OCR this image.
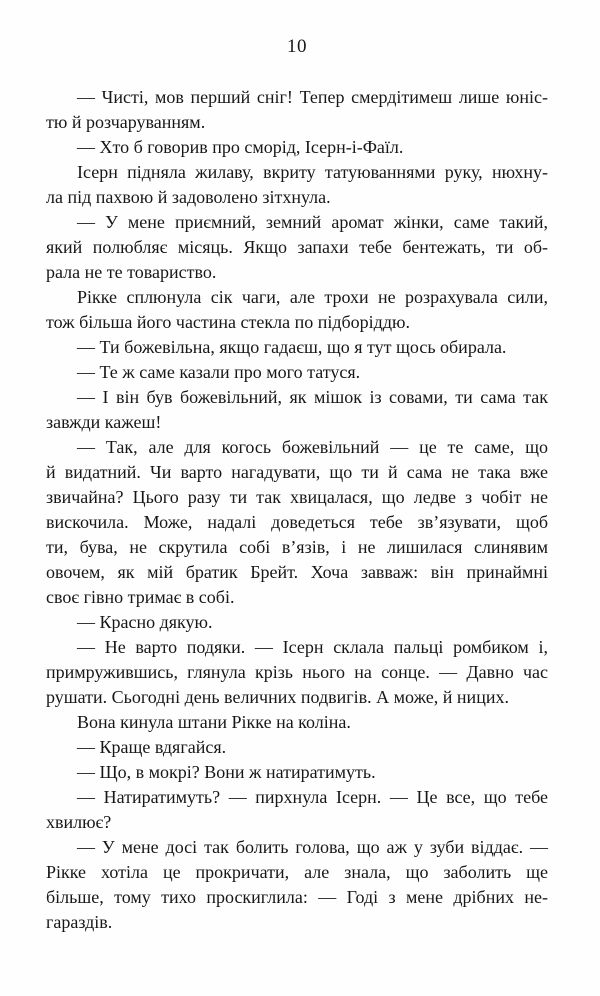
10
— Чисті, мов перший сніг! Тепер смердітимеш лише юніс-
тю й розчаруванням.
— Хто б говорив про сморід, Ісерн-і-Фаїл.
Ісерн підняла жилаву, вкриту татуюваннями руку, нюхну-
ла під пахвою й задоволено зітхнула.
— У мене приємний, земний аромат жінки, саме такий,
який полюбляє місяць. Якщо запахи тебе бентежать, ти об-
рала не те товариство.
Рікке сплюнула сік чаги, але трохи не розрахувала сили,
тож більша його частина стекла по підборіддю.
— Ти божевільна, якщо гадаєш, що я тут щось обирала.
— Те ж саме казали про мого татуся.
— І він був божевільний, як мішок із совами, ти сама так
завжди кажеш!
— Так, але для когось божевільний — це те саме, що
й видатний. Чи варто нагадувати, що ти й сама не така вже
звичайна? Цього разу ти так хвицалася, що ледве з чобіт не
вискочила. Може, надалі доведеться тебе зв’язувати, щоб
ти, бува, не скрутила собі в’язів, і не лишилася слинявим
овочем, як мій братик Брейт. Хоча завваж: він принаймні
своє гівно тримає в собі.
— Красно дякую.
— Не варто подяки. — Ісерн склала пальці ромбиком і,
примружившись, глянула крізь нього на сонце. — Давно час
рушати. Сьогодні день величних подвигів. А може, й ницих.
Вона кинула штани Рікке на коліна.
— Краще вдягайся.
— Що, в мокрі? Вони ж натиратимуть.
— Натиратимуть? — пирхнула Ісерн. — Це все, що тебе
хвилює?
— У мене досі так болить голова, що аж у зуби віддає. —
Рікке хотіла це прокричати, але знала, що заболить ще
більше, тому тихо проскиглила: — Годі з мене дрібних не-
гараздів.
